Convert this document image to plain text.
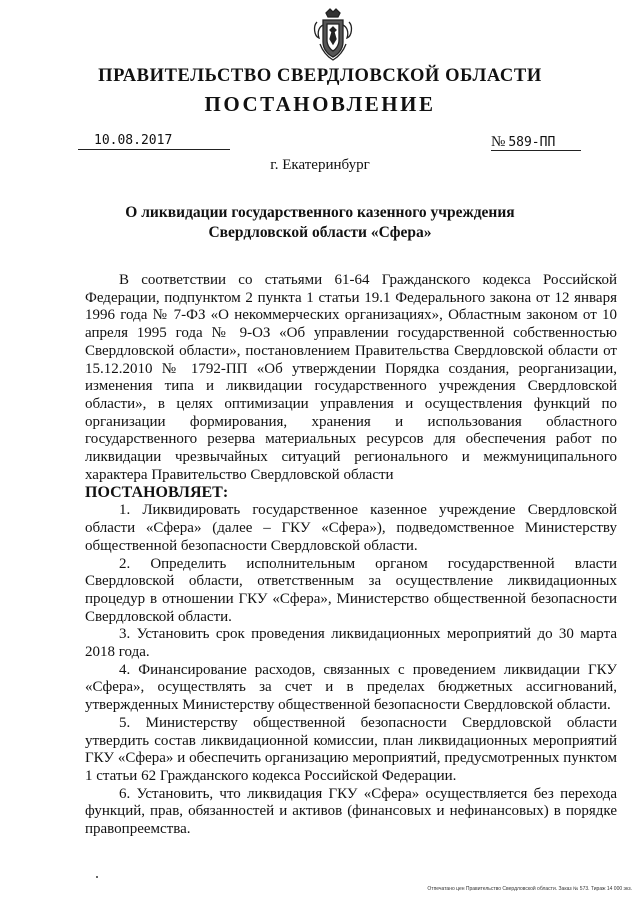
ПРАВИТЕЛЬСТВО СВЕРДЛОВСКОЙ ОБЛАСТИ
ПОСТАНОВЛЕНИЕ
10.08.2017	№ 589-ПП
г. Екатеринбург
О ликвидации государственного казенного учреждения
Свердловской области «Сфера»

В соответствии со статьями 61-64 Гражданского кодекса Российской Федерации, подпунктом 2 пункта 1 статьи 19.1 Федерального закона от 12 января 1996 года № 7-ФЗ «О некоммерческих организациях», Областным законом от 10 апреля 1995 года № 9-ОЗ «Об управлении государственной собственностью Свердловской области», постановлением Правительства Свердловской области от 15.12.2010 № 1792-ПП «Об утверждении Порядка создания, реорганизации, изменения типа и ликвидации государственного учреждения Свердловской области», в целях оптимизации управления и осуществления функций по организации формирования, хранения и использования областного государственного резерва материальных ресурсов для обеспечения работ по ликвидации чрезвычайных ситуаций регионального и межмуниципального характера Правительство Свердловской области

ПОСТАНОВЛЯЕТ:

1. Ликвидировать государственное казенное учреждение Свердловской области «Сфера» (далее – ГКУ «Сфера»), подведомственное Министерству общественной безопасности Свердловской области.

2. Определить исполнительным органом государственной власти Свердловской области, ответственным за осуществление ликвидационных процедур в отношении ГКУ «Сфера», Министерство общественной безопасности Свердловской области.

3. Установить срок проведения ликвидационных мероприятий до 30 марта 2018 года.

4. Финансирование расходов, связанных с проведением ликвидации ГКУ «Сфера», осуществлять за счет и в пределах бюджетных ассигнований, утвержденных Министерству общественной безопасности Свердловской области.

5. Министерству общественной безопасности Свердловской области утвердить состав ликвидационной комиссии, план ликвидационных мероприятий ГКУ «Сфера» и обеспечить организацию мероприятий, предусмотренных пунктом 1 статьи 62 Гражданского кодекса Российской Федерации.

6. Установить, что ликвидация ГКУ «Сфера» осуществляется без перехода функций, прав, обязанностей и активов (финансовых и нефинансовых) в порядке правопреемства.

Отпечатано цен Правительство Свердловской области. Заказ № 573. Тираж 14 000 экз.
